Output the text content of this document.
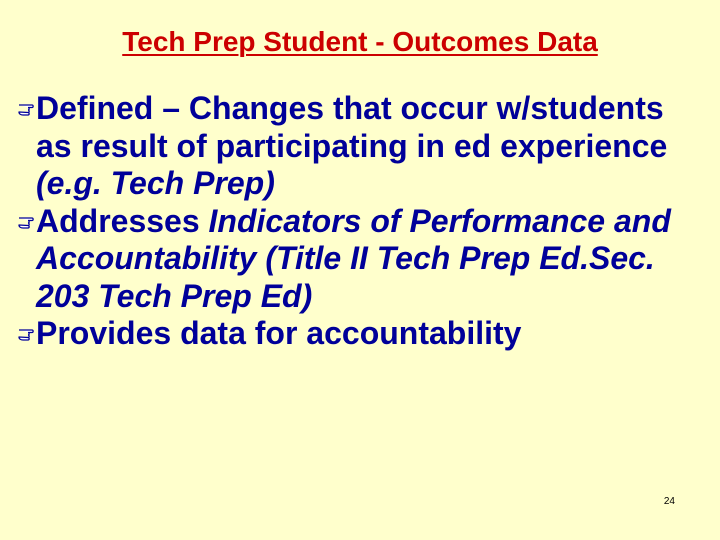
Tech Prep Student - Outcomes Data
Defined – Changes that occur w/students as result of participating in ed experience (e.g. Tech Prep)
Addresses Indicators of Performance and Accountability (Title II Tech Prep Ed.Sec. 203 Tech Prep Ed)
Provides data for accountability
24
